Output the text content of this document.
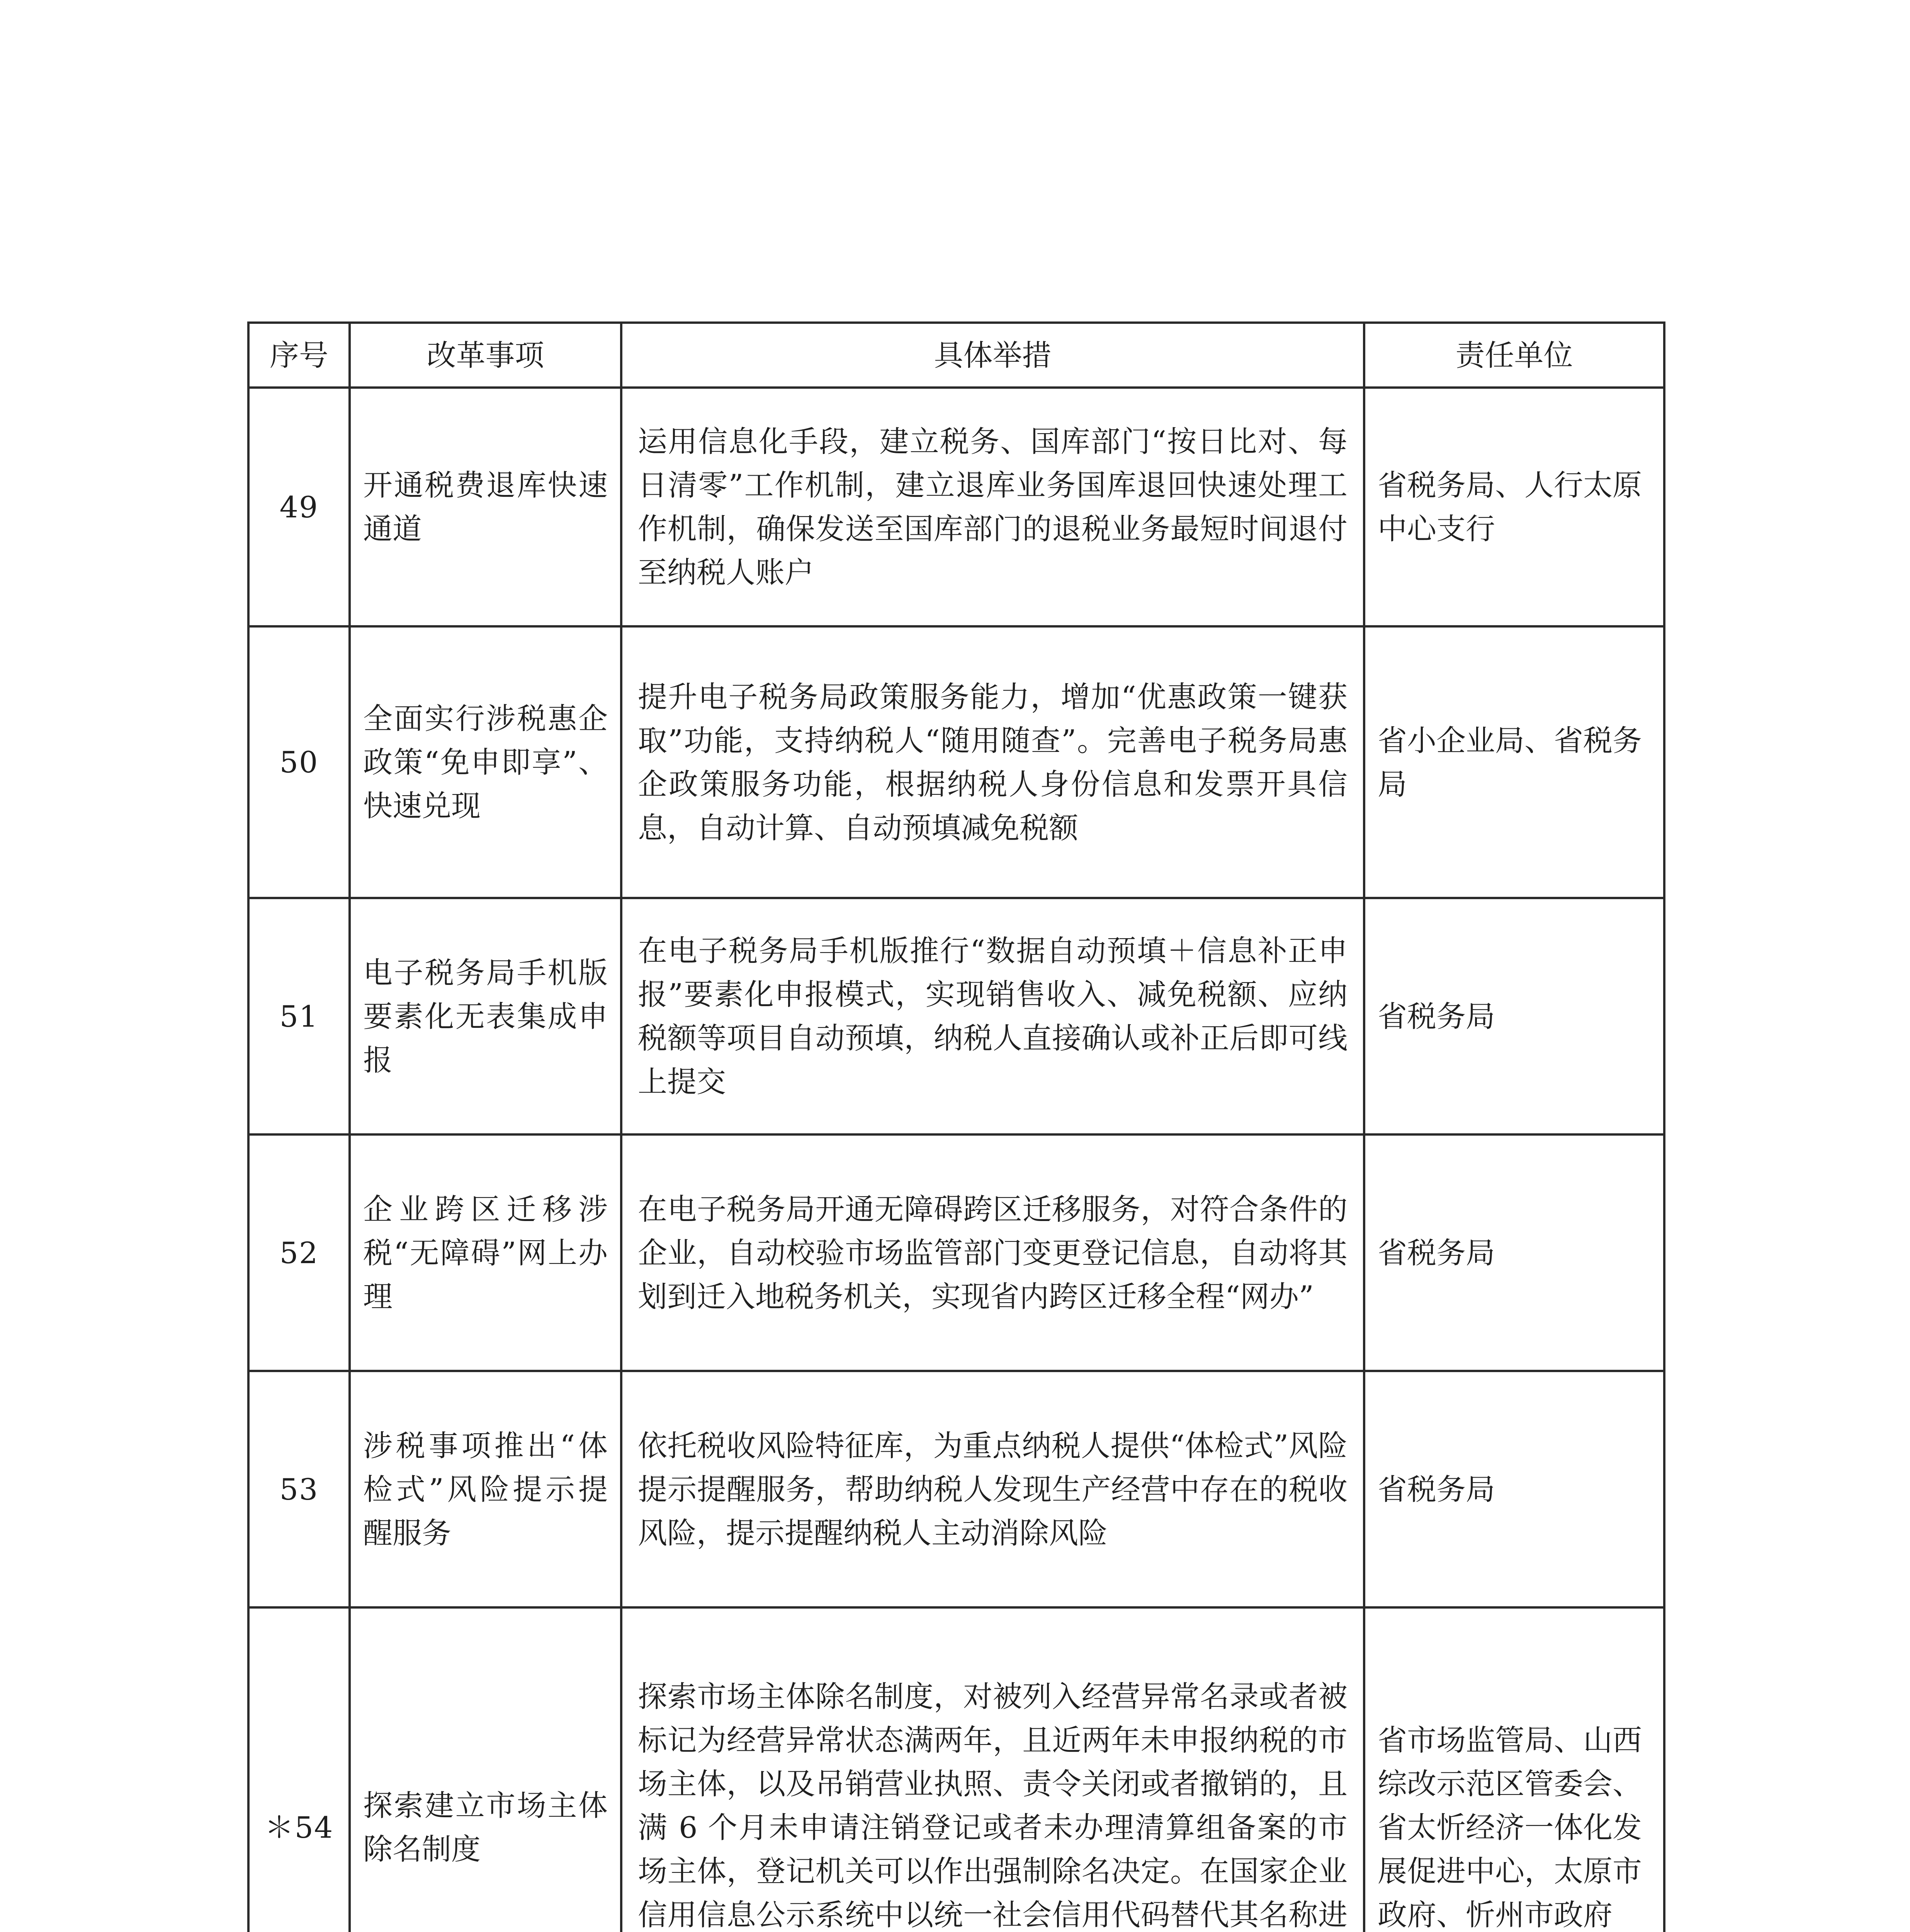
序号	改革事项	具体举措	责任单位
49	开通税费退库快速通道	运用信息化手段，建立税务、国库部门“按日比对、每日清零”工作机制，建立退库业务国库退回快速处理工作机制，确保发送至国库部门的退税业务最短时间退付至纳税人账户	省税务局、人行太原中心支行
50	全面实行涉税惠企政策“免申即享”、快速兑现	提升电子税务局政策服务能力，增加“优惠政策一键获取”功能，支持纳税人“随用随查”。完善电子税务局惠企政策服务功能，根据纳税人身份信息和发票开具信息，自动计算、自动预填减免税额	省小企业局、省税务局
51	电子税务局手机版要素化无表集成申报	在电子税务局手机版推行“数据自动预填＋信息补正申报”要素化申报模式，实现销售收入、减免税额、应纳税额等项目自动预填，纳税人直接确认或补正后即可线上提交	省税务局
52	企业跨区迁移涉税“无障碍”网上办理	在电子税务局开通无障碍跨区迁移服务，对符合条件的企业，自动校验市场监管部门变更登记信息，自动将其划到迁入地税务机关，实现省内跨区迁移全程“网办”	省税务局
53	涉税事项推出“体检式”风险提示提醒服务	依托税收风险特征库，为重点纳税人提供“体检式”风险提示提醒服务，帮助纳税人发现生产经营中存在的税收风险，提示提醒纳税人主动消除风险	省税务局
＊54	探索建立市场主体除名制度	探索市场主体除名制度，对被列入经营异常名录或者被标记为经营异常状态满两年，且近两年未申报纳税的市场主体，以及吊销营业执照、责令关闭或者撤销的，且满 6 个月未申请注销登记或者未办理清算组备案的市场主体，登记机关可以作出强制除名决定。在国家企业信用信息公示系统中以统一社会信用代码替代其名称进	省市场监管局、山西综改示范区管委会、省太忻经济一体化发展促进中心，太原市政府、忻州市政府
